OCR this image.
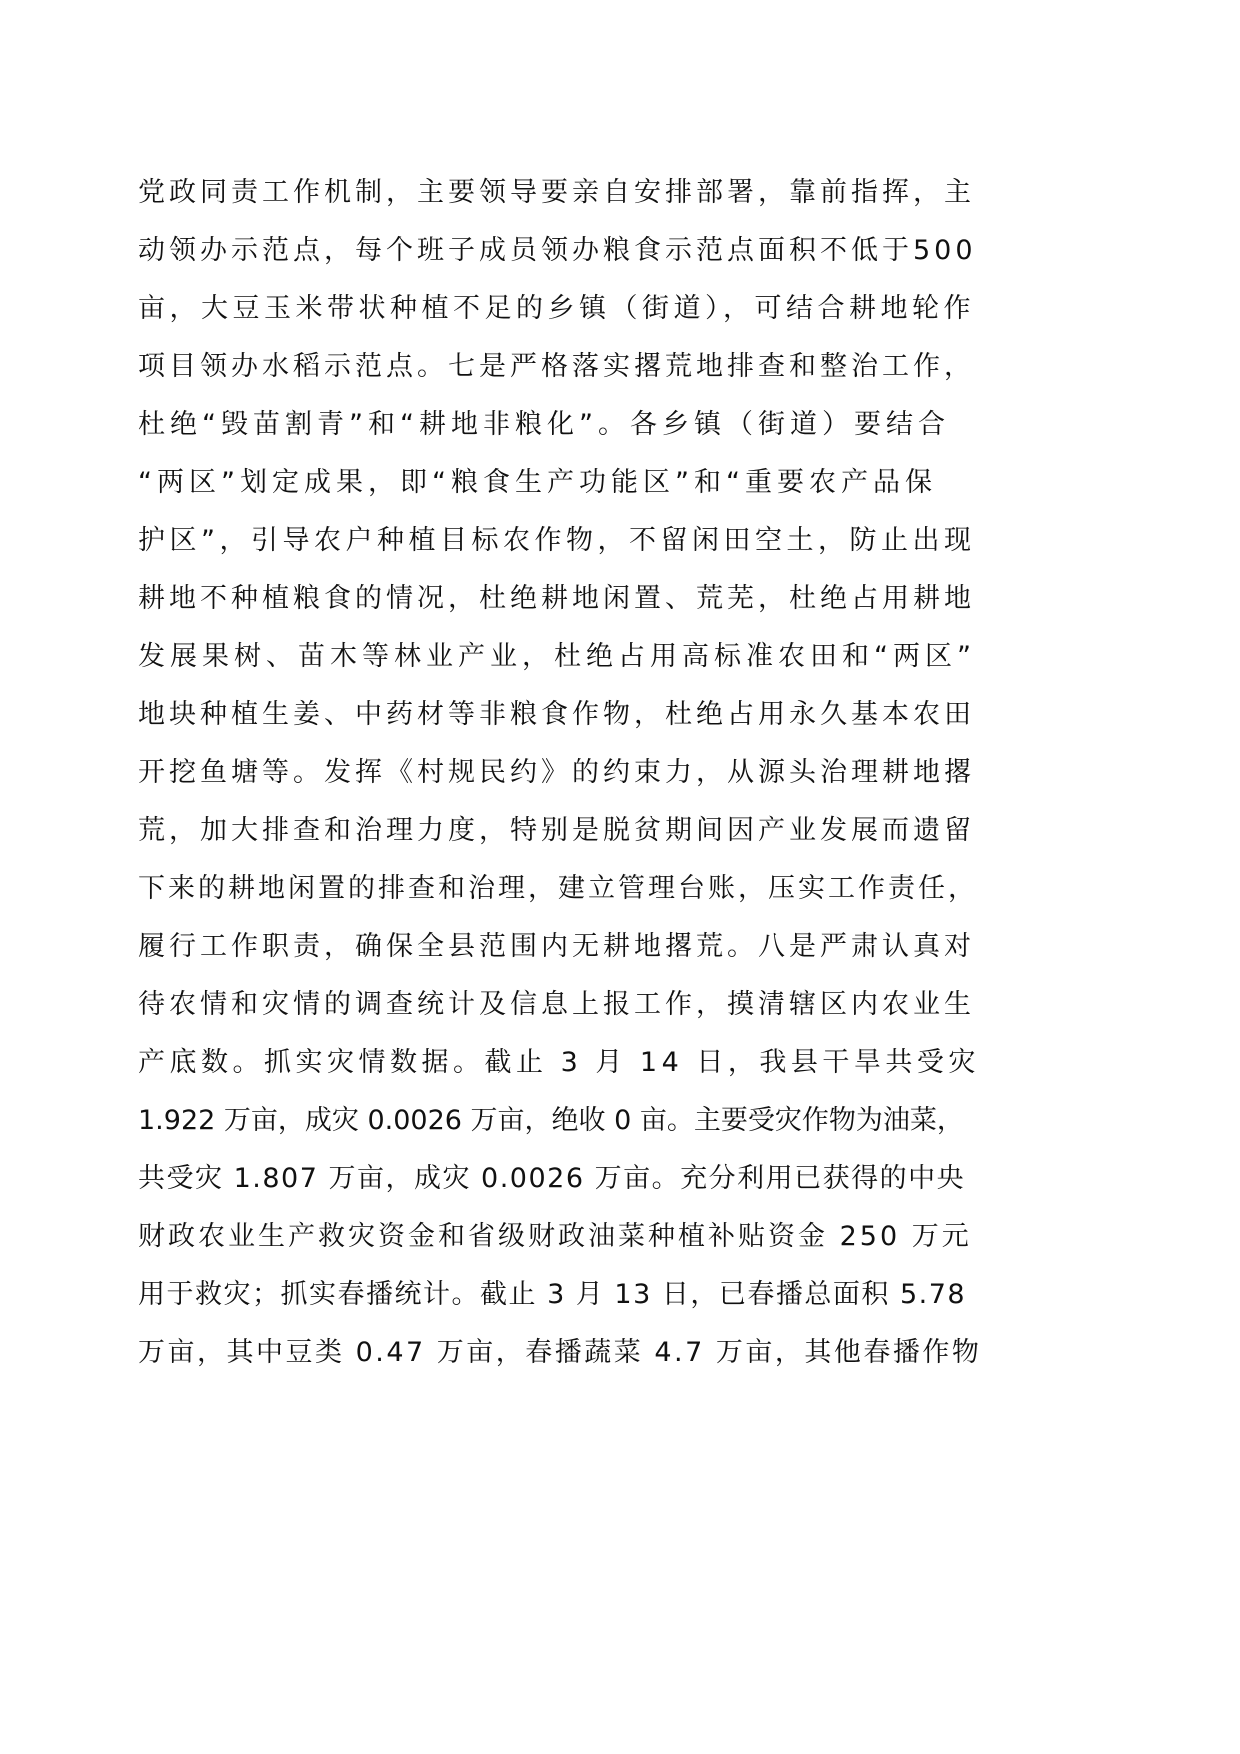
党政同责工作机制，主要领导要亲自安排部署，靠前指挥，主
动领办示范点，每个班子成员领办粮食示范点面积不低于500
亩，大豆玉米带状种植不足的乡镇（街道），可结合耕地轮作
项目领办水稻示范点。七是严格落实撂荒地排查和整治工作，
杜绝“毁苗割青”和“耕地非粮化”。各乡镇（街道）要结合
“两区”划定成果，即“粮食生产功能区”和“重要农产品保
护区”，引导农户种植目标农作物，不留闲田空土，防止出现
耕地不种植粮食的情况，杜绝耕地闲置、荒芜，杜绝占用耕地
发展果树、苗木等林业产业，杜绝占用高标准农田和“两区”
地块种植生姜、中药材等非粮食作物，杜绝占用永久基本农田
开挖鱼塘等。发挥《村规民约》的约束力，从源头治理耕地撂
荒，加大排查和治理力度，特别是脱贫期间因产业发展而遗留
下来的耕地闲置的排查和治理，建立管理台账，压实工作责任，
履行工作职责，确保全县范围内无耕地撂荒。八是严肃认真对
待农情和灾情的调查统计及信息上报工作，摸清辖区内农业生
产底数。抓实灾情数据。截止 3 月 14 日，我县干旱共受灾
1.922 万亩，成灾 0.0026 万亩，绝收 0 亩。主要受灾作物为油菜，
共受灾 1.807 万亩，成灾 0.0026 万亩。充分利用已获得的中央
财政农业生产救灾资金和省级财政油菜种植补贴资金 250 万元
用于救灾；抓实春播统计。截止 3 月 13 日，已春播总面积 5.78
万亩，其中豆类 0.47 万亩，春播蔬菜 4.7 万亩，其他春播作物
